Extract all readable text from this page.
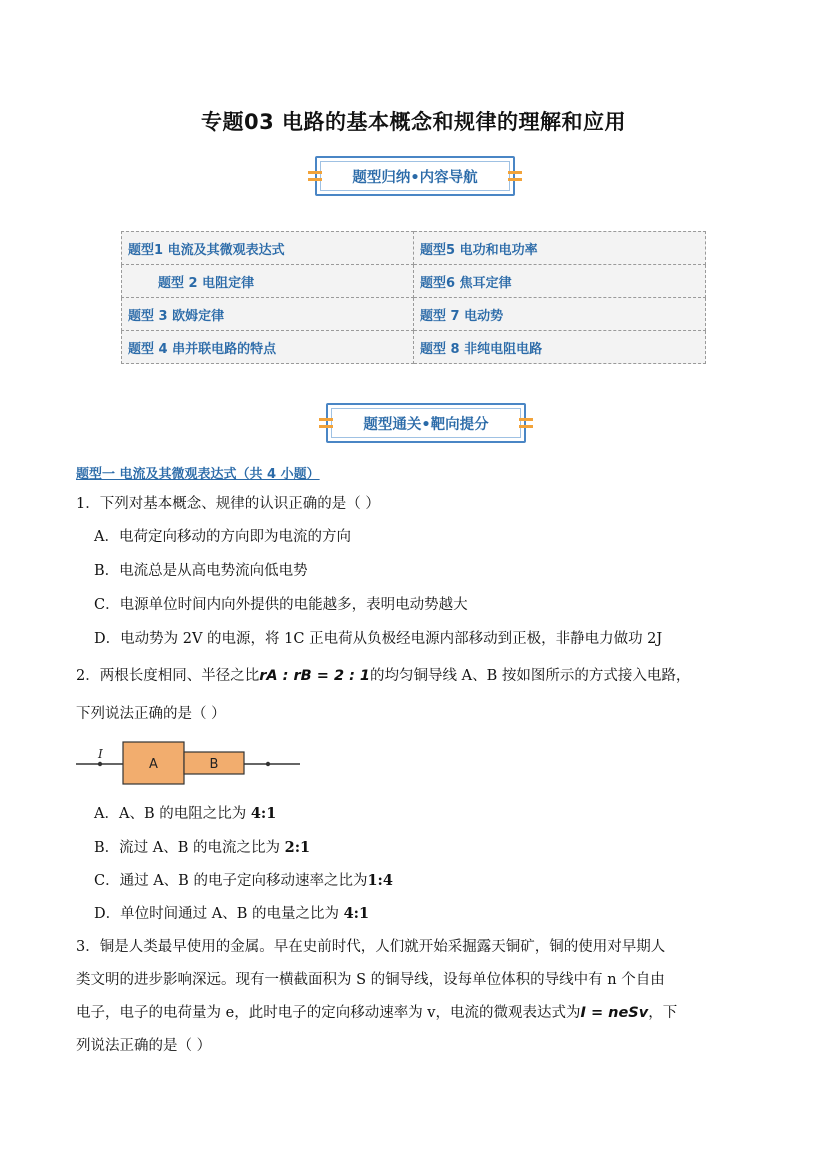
专题03 电路的基本概念和规律的理解和应用
题型归纳•内容导航
题型1 电流及其微观表达式	题型5 电功和电功率
题型 2 电阻定律	题型6 焦耳定律
题型 3 欧姆定律	题型 7 电动势
题型 4 串并联电路的特点	题型 8 非纯电阻电路
题型通关•靶向提分
题型一 电流及其微观表达式（共 4 小题）
1．下列对基本概念、规律的认识正确的是（ ）
A．电荷定向移动的方向即为电流的方向
B．电流总是从高电势流向低电势
C．电源单位时间内向外提供的电能越多，表明电动势越大
D．电动势为 2V 的电源，将 1C 正电荷从负极经电源内部移动到正极，非静电力做功 2J
2．两根长度相同、半径之比rA : rB = 2 : 1的均匀铜导线 A、B 按如图所示的方式接入电路，
下列说法正确的是（ ）
I
A	B
A．A、B 的电阻之比为 4:1
B．流过 A、B 的电流之比为 2:1
C．通过 A、B 的电子定向移动速率之比为1:4
D．单位时间通过 A、B 的电量之比为 4:1
3．铜是人类最早使用的金属。早在史前时代，人们就开始采掘露天铜矿，铜的使用对早期人
类文明的进步影响深远。现有一横截面积为 S 的铜导线，设每单位体积的导线中有 n 个自由
电子，电子的电荷量为 e，此时电子的定向移动速率为 v，电流的微观表达式为I = neSv，下
列说法正确的是（ ）
